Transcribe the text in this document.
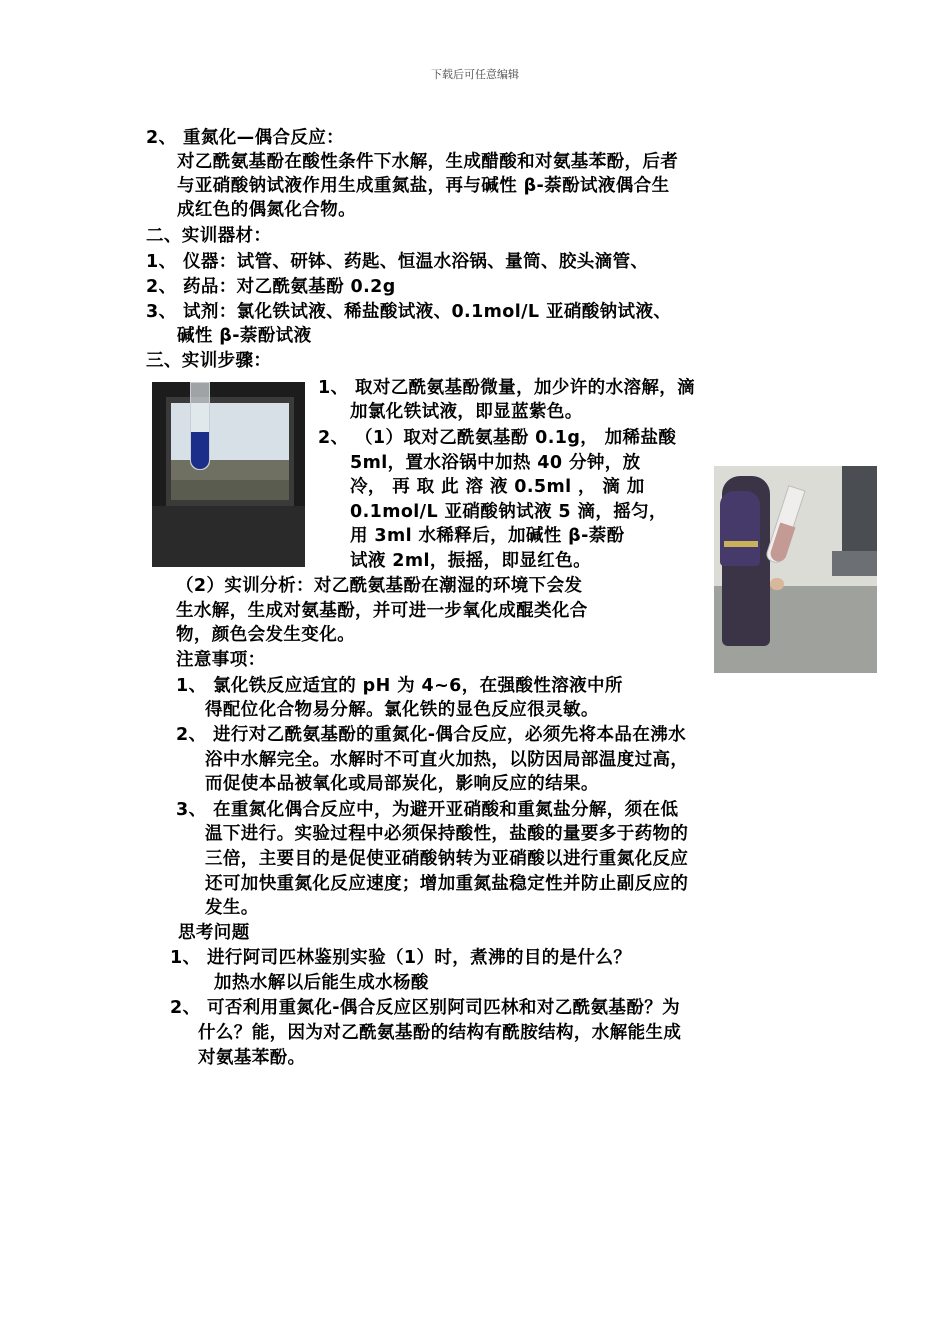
下载后可任意编辑
2、 重氮化—偶合反应：
对乙酰氨基酚在酸性条件下水解，生成醋酸和对氨基苯酚，后者
与亚硝酸钠试液作用生成重氮盐，再与碱性 β-萘酚试液偶合生
成红色的偶氮化合物。
二、实训器材：
1、 仪器：试管、研钵、药匙、恒温水浴锅、量筒、胶头滴管、
2、 药品：对乙酰氨基酚 0.2g
3、 试剂：氯化铁试液、稀盐酸试液、0.1mol/L 亚硝酸钠试液、
碱性 β-萘酚试液
三、实训步骤：
1、 取对乙酰氨基酚微量，加少许的水溶解，滴
加氯化铁试液，即显蓝紫色。
2、 （1）取对乙酰氨基酚 0.1g， 加稀盐酸
5ml，置水浴锅中加热 40 分钟，放
冷， 再 取 此 溶 液 0.5ml ， 滴 加
0.1mol/L 亚硝酸钠试液 5 滴，摇匀，
用 3ml 水稀释后，加碱性 β-萘酚
试液 2ml，振摇，即显红色。
（2）实训分析：对乙酰氨基酚在潮湿的环境下会发
生水解，生成对氨基酚，并可进一步氧化成醌类化合
物，颜色会发生变化。
注意事项：
1、 氯化铁反应适宜的 pH 为 4~6，在强酸性溶液中所
得配位化合物易分解。氯化铁的显色反应很灵敏。
2、 进行对乙酰氨基酚的重氮化-偶合反应，必须先将本品在沸水
浴中水解完全。水解时不可直火加热，以防因局部温度过高，
而促使本品被氧化或局部炭化，影响反应的结果。
3、 在重氮化偶合反应中，为避开亚硝酸和重氮盐分解，须在低
温下进行。实验过程中必须保持酸性，盐酸的量要多于药物的
三倍，主要目的是促使亚硝酸钠转为亚硝酸以进行重氮化反应
还可加快重氮化反应速度；增加重氮盐稳定性并防止副反应的
发生。
思考问题
1、 进行阿司匹林鉴别实验（1）时，煮沸的目的是什么？
加热水解以后能生成水杨酸
2、 可否利用重氮化-偶合反应区别阿司匹林和对乙酰氨基酚？为
什么？能，因为对乙酰氨基酚的结构有酰胺结构，水解能生成
对氨基苯酚。
